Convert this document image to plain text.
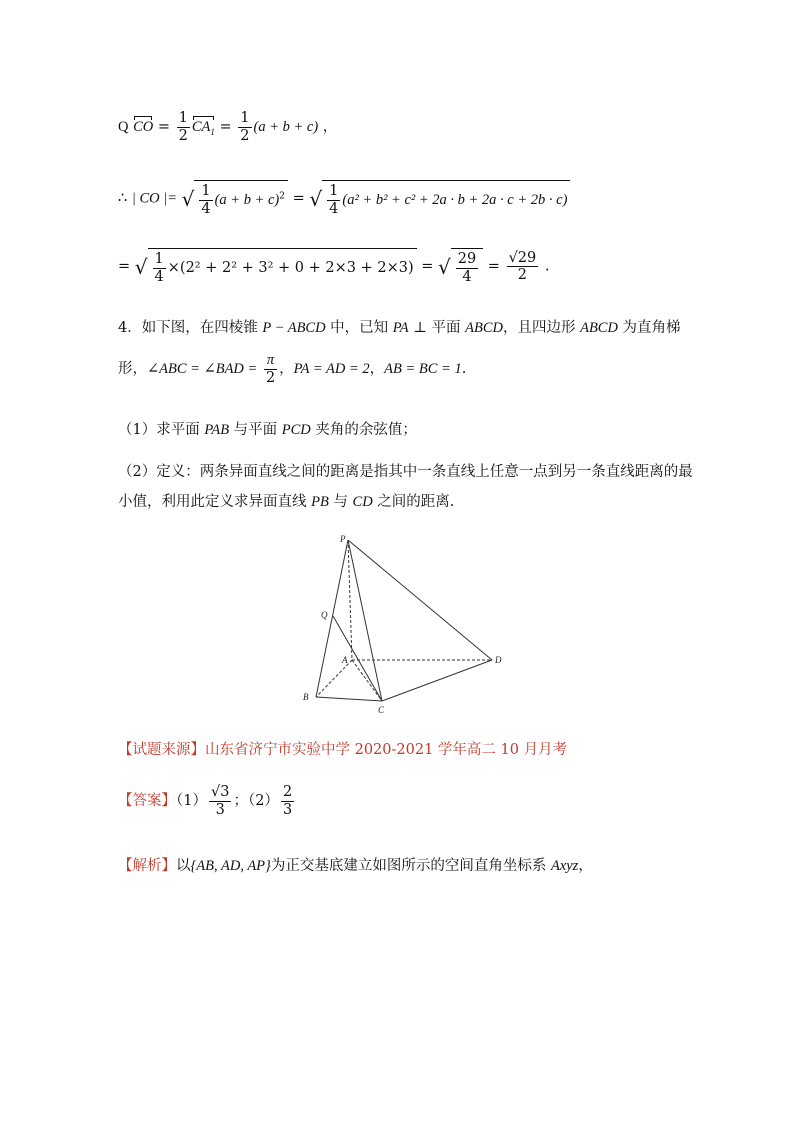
Q CO = $\frac{1}{2} CA_1 = \frac{1}{2} (a + b + c)$ ，
∴ | CO |= √ $\frac{1}{4} (a + b + c)^2$ = √ $\frac{1}{4} (a^2 + b^2 + c^2 + 2a \cdot b + 2a \cdot c + 2b \cdot c)$
= √ $\frac{1}{4} \times(2^2 + 2^2 + 3^2 + 0 + 2\times 3 + 2\times 3)$ = √ $\frac{29}{4} = \frac{√29}{2}$ .
4．如下图，在四棱锥 P − ABCD 中，已知 PA ⊥ 平面 ABCD，且四边形 ABCD 为直角梯
形，∠ABC = ∠BAD = $\frac{\pi}{2}$ ，PA = AD = 2，AB = BC = 1.
（1）求平面 PAB 与平面 PCD 夹角的余弦值；
（2）定义：两条异面直线之间的距离是指其中一条直线上任意一点到另一条直线距离的最
小值，利用此定义求异面直线 PB 与 CD 之间的距离.
P
Q
A
B
C
D
【试题来源】山东省济宁市实验中学 2020-2021 学年高二 10 月月考
【答案】$(1) \frac{√3}{3}$ ；$(2) \frac{2}{3}$
【解析】以{AB, AD, AP}为正交基底建立如图所示的空间直角坐标系 Axyz，
